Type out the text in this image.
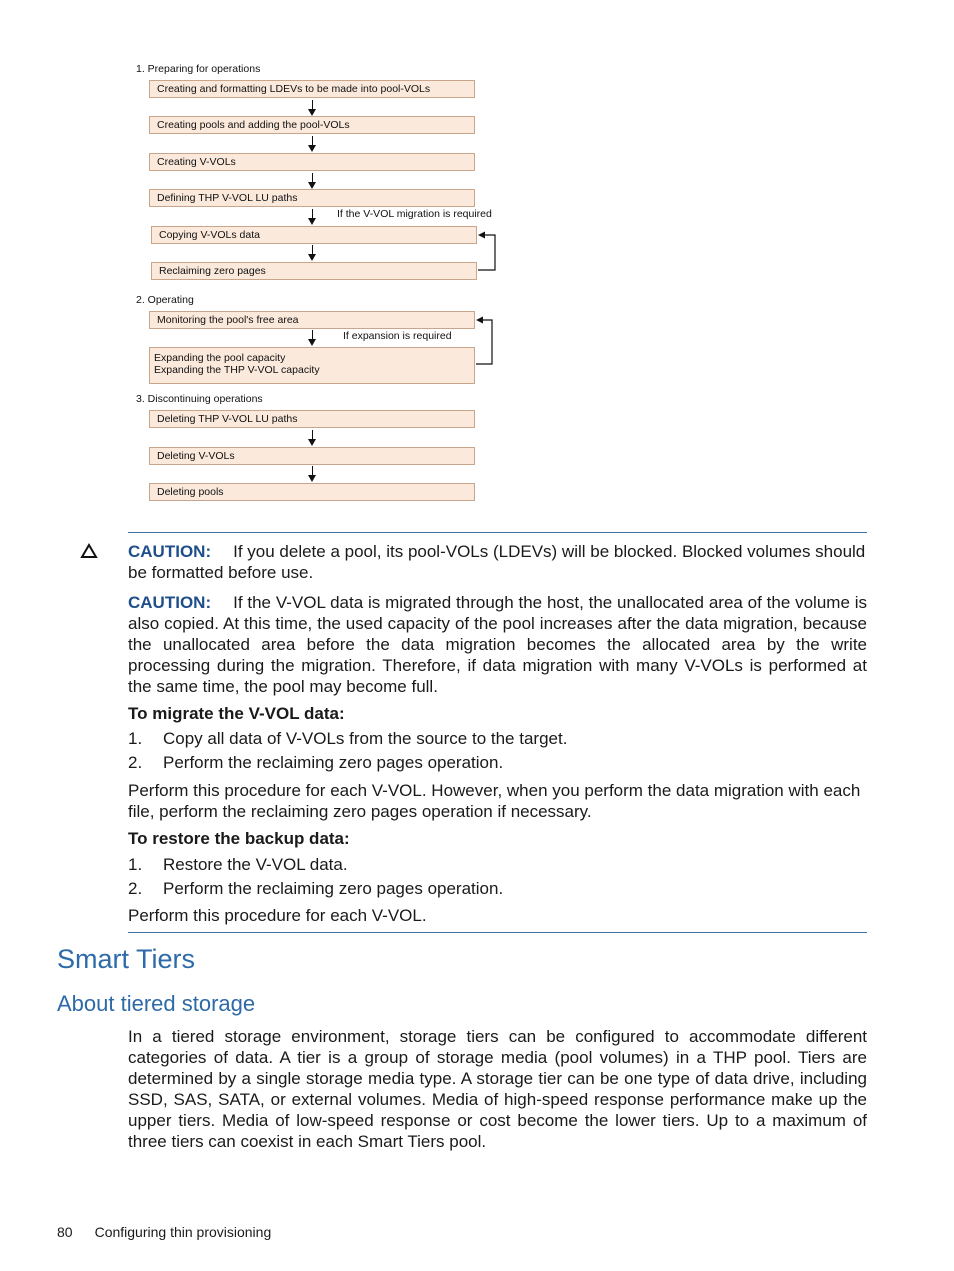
1. Preparing for operations
Creating and formatting LDEVs to be made into pool-VOLs
Creating pools and adding the pool-VOLs
Creating V-VOLs
Defining THP V-VOL LU paths
If the V-VOL migration is required
Copying V-VOLs data
Reclaiming zero pages
2. Operating
Monitoring the pool's free area
If expansion is required
Expanding the pool capacity
Expanding the THP V-VOL capacity
3. Discontinuing operations
Deleting THP V-VOL LU paths
Deleting V-VOLs
Deleting pools
CAUTION: If you delete a pool, its pool-VOLs (LDEVs) will be blocked. Blocked volumes should be formatted before use.
CAUTION: If the V-VOL data is migrated through the host, the unallocated area of the volume is also copied. At this time, the used capacity of the pool increases after the data migration, because the unallocated area before the data migration becomes the allocated area by the write processing during the migration. Therefore, if data migration with many V-VOLs is performed at the same time, the pool may become full.
To migrate the V-VOL data:
1. Copy all data of V-VOLs from the source to the target.
2. Perform the reclaiming zero pages operation.
Perform this procedure for each V-VOL. However, when you perform the data migration with each file, perform the reclaiming zero pages operation if necessary.
To restore the backup data:
1. Restore the V-VOL data.
2. Perform the reclaiming zero pages operation.
Perform this procedure for each V-VOL.
Smart Tiers
About tiered storage
In a tiered storage environment, storage tiers can be configured to accommodate different categories of data. A tier is a group of storage media (pool volumes) in a THP pool. Tiers are determined by a single storage media type. A storage tier can be one type of data drive, including SSD, SAS, SATA, or external volumes. Media of high-speed response performance make up the upper tiers. Media of low-speed response or cost become the lower tiers. Up to a maximum of three tiers can coexist in each Smart Tiers pool.
80 Configuring thin provisioning
